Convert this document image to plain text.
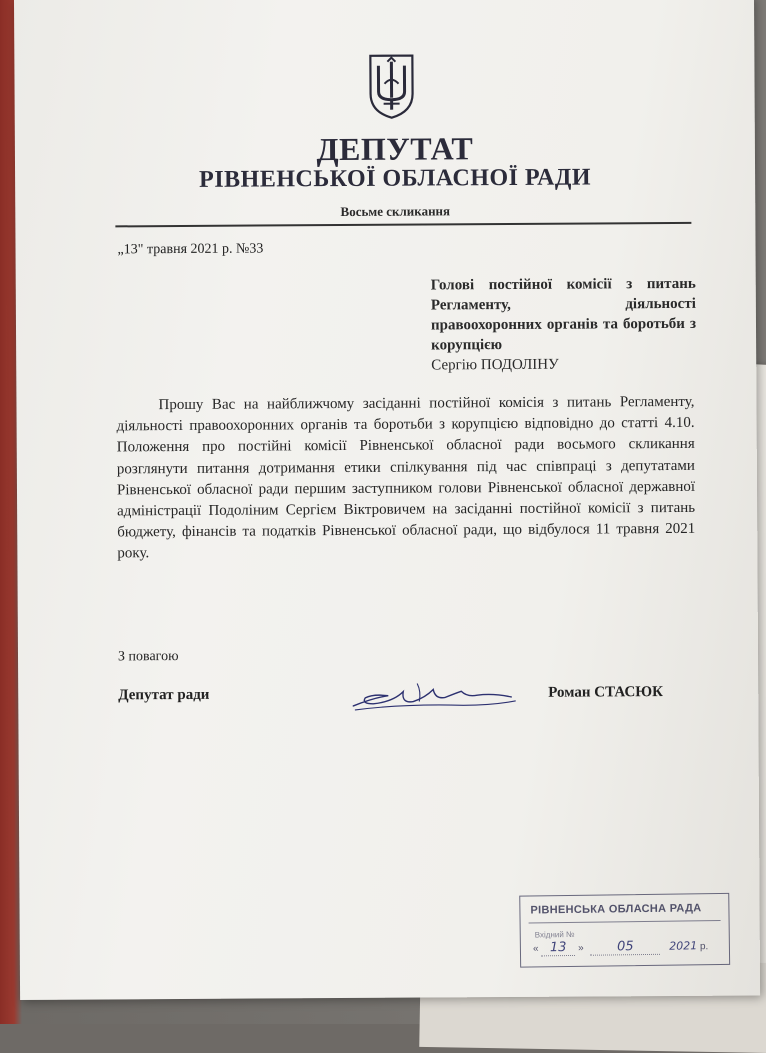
ДЕПУТАТ
РІВНЕНСЬКОЇ ОБЛАСНОЇ РАДИ
Восьме скликання
„13" травня 2021 р. №33
Голові постійної комісії з питань Регламенту, діяльності правоохоронних органів та боротьби з корупцією
Сергію ПОДОЛІНУ
Прошу Вас на найближчому засіданні постійної комісія з питань Регламенту, діяльності правоохоронних органів та боротьби з корупцією відповідно до статті 4.10. Положення про постійні комісії Рівненської обласної ради восьмого скликання розглянути питання дотримання етики спілкування під час співпраці з депутатами Рівненської обласної ради першим заступником голови Рівненської обласної державної адміністрації Подоліним Сергієм Віктровичем на засіданні постійної комісії з питань бюджету, фінансів та податків Рівненської обласної ради, що відбулося 11 травня 2021 року.
З повагою
Депутат ради	Роман СТАСЮК
РІВНЕНСЬКА ОБЛАСНА РАДА
Вхідний №
« 13 » 05	2021 р.
